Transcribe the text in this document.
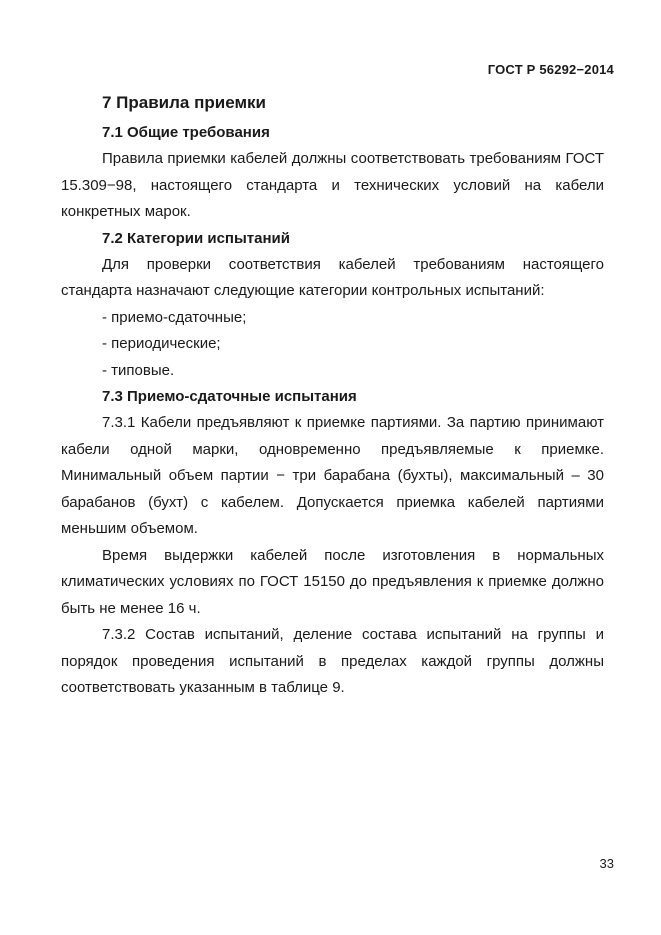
ГОСТ Р 56292−2014
7 Правила приемки
7.1 Общие требования

Правила приемки кабелей должны соответствовать требованиям ГОСТ 15.309−98, настоящего стандарта и технических условий на кабели конкретных марок.

7.2 Категории испытаний

Для проверки соответствия кабелей требованиям настоящего стандарта назначают следующие категории контрольных испытаний:

- приемо-сдаточные;

- периодические;

- типовые.

7.3 Приемо-сдаточные испытания

7.3.1 Кабели предъявляют к приемке партиями. За партию принимают кабели одной марки, одновременно предъявляемые к приемке. Минимальный объем партии − три барабана (бухты), максимальный – 30 барабанов (бухт) с кабелем. Допускается приемка кабелей партиями меньшим объемом.

Время выдержки кабелей после изготовления в нормальных климатических условиях по ГОСТ 15150 до предъявления к приемке должно быть не менее 16 ч.

7.3.2 Состав испытаний, деление состава испытаний на группы и порядок проведения испытаний в пределах каждой группы должны соответствовать указанным в таблице 9.

33
